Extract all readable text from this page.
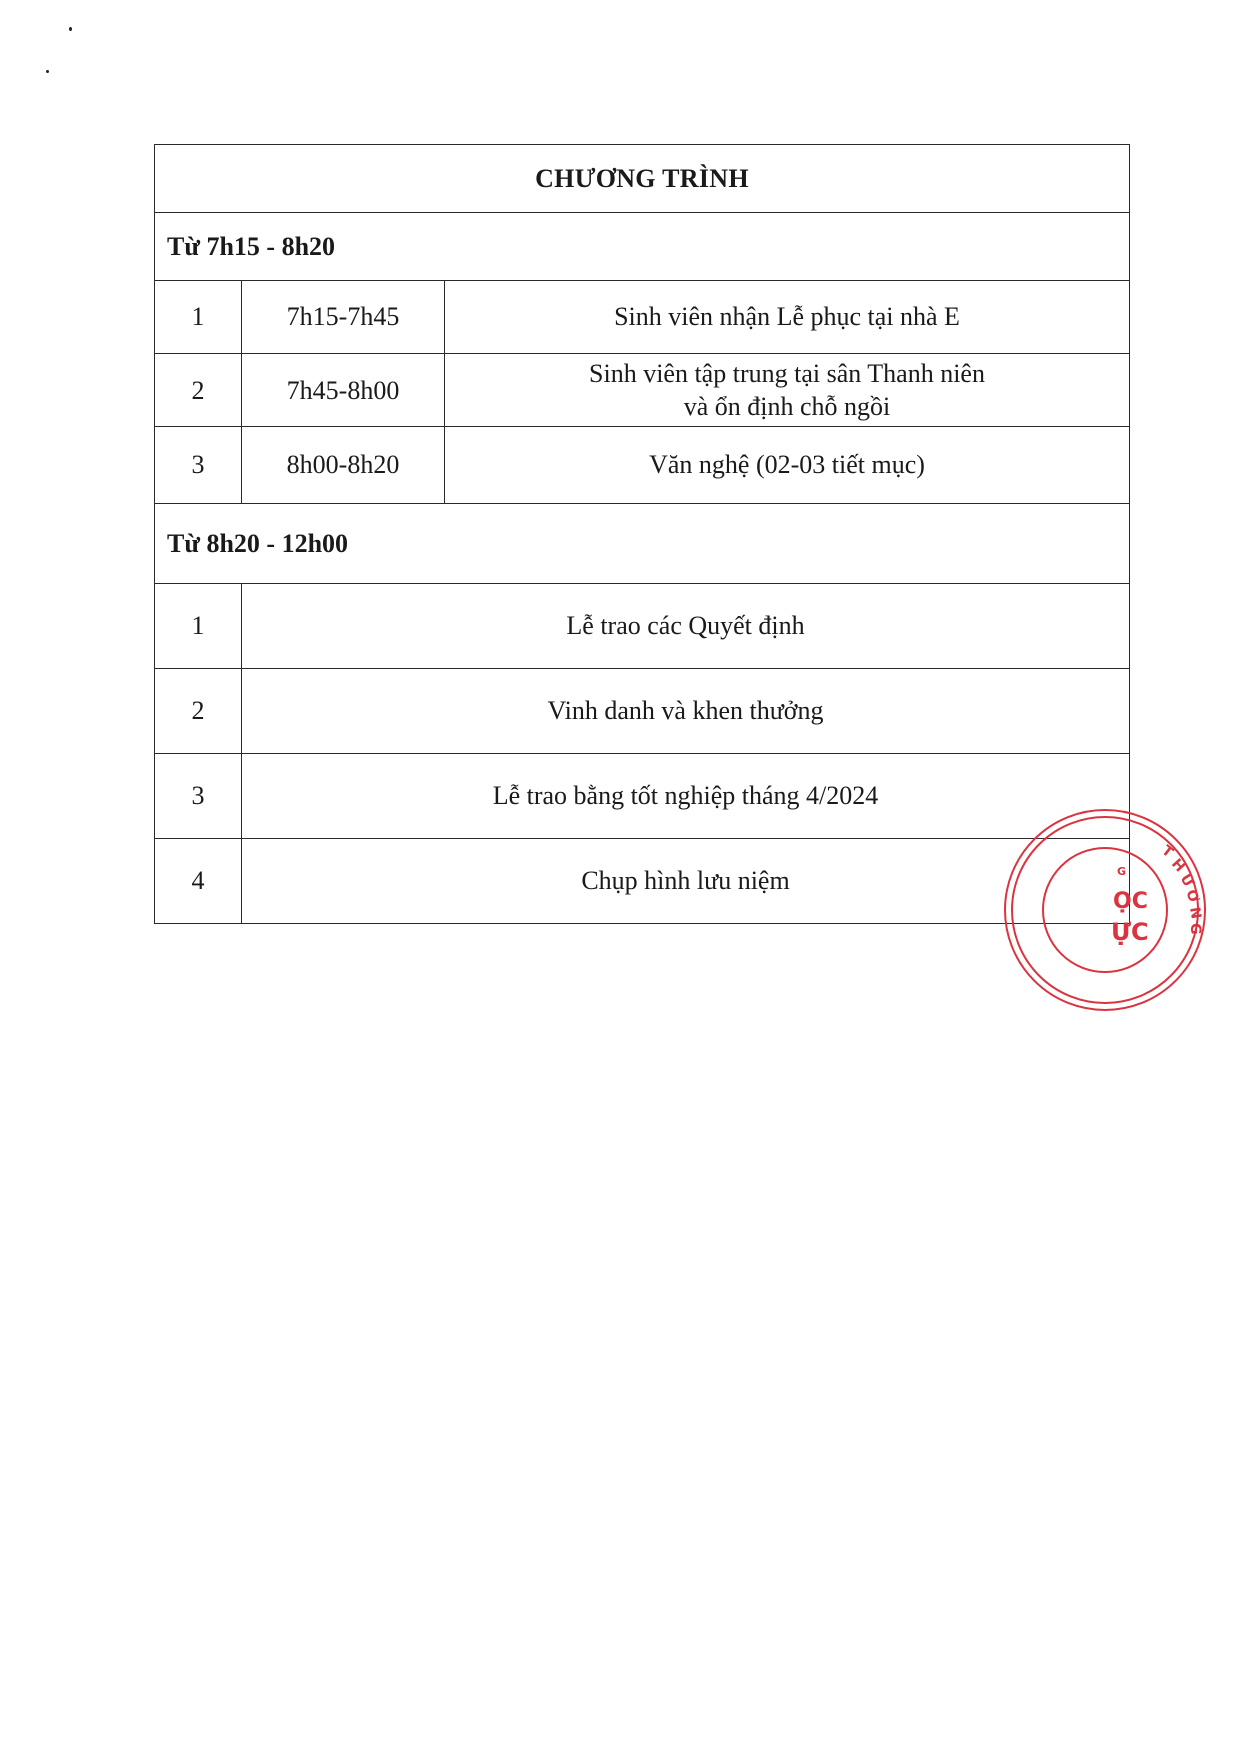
CHƯƠNG TRÌNH		
Từ 7h15 - 8h20		
1	7h15-7h45	Sinh viên nhận Lễ phục tại nhà E
2	7h45-8h00	Sinh viên tập trung tại sân Thanh niên
và ổn định chỗ ngồi

3	8h00-8h20	Văn nghệ (02-03 tiết mục)
Từ 8h20 - 12h00		
1	Lễ trao các Quyết định	
2	Vinh danh và khen thưởng	
3	Lễ trao bằng tốt nghiệp tháng 4/2024	
4	Chụp hình lưu niệm	
T
H
Ư
Ơ
N
G
G
ỌC
ỰC
